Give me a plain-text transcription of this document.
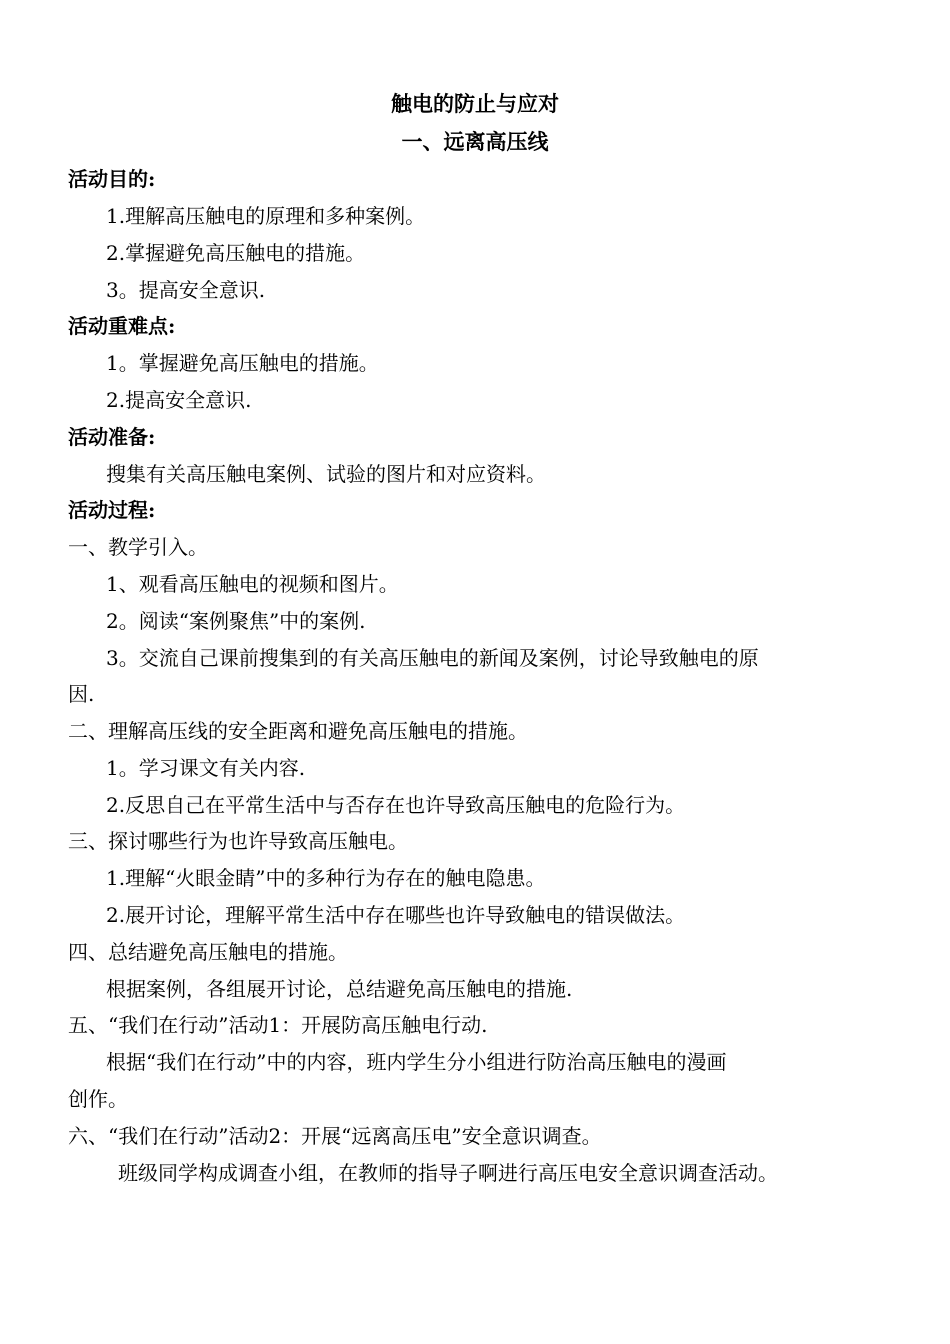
触电的防止与应对
一、远离高压线
活动目的:
1.理解高压触电的原理和多种案例。
2.掌握避免高压触电的措施。
3。提高安全意识.
活动重难点:
1。掌握避免高压触电的措施。
2.提高安全意识.
活动准备:
搜集有关高压触电案例、试验的图片和对应资料。
活动过程:
一、教学引入。
1、观看高压触电的视频和图片。
2。阅读“案例聚焦”中的案例.
3。交流自己课前搜集到的有关高压触电的新闻及案例，讨论导致触电的原
因.
二、理解高压线的安全距离和避免高压触电的措施。
1。学习课文有关内容.
2.反思自己在平常生活中与否存在也许导致高压触电的危险行为。
三、探讨哪些行为也许导致高压触电。
1.理解“火眼金睛”中的多种行为存在的触电隐患。
2.展开讨论，理解平常生活中存在哪些也许导致触电的错误做法。
四、总结避免高压触电的措施。
根据案例，各组展开讨论，总结避免高压触电的措施.
五、“我们在行动”活动1：开展防高压触电行动.
根据“我们在行动”中的内容，班内学生分小组进行防治高压触电的漫画
创作。
六、“我们在行动”活动2：开展“远离高压电”安全意识调查。
班级同学构成调查小组，在教师的指导子啊进行高压电安全意识调查活动。
